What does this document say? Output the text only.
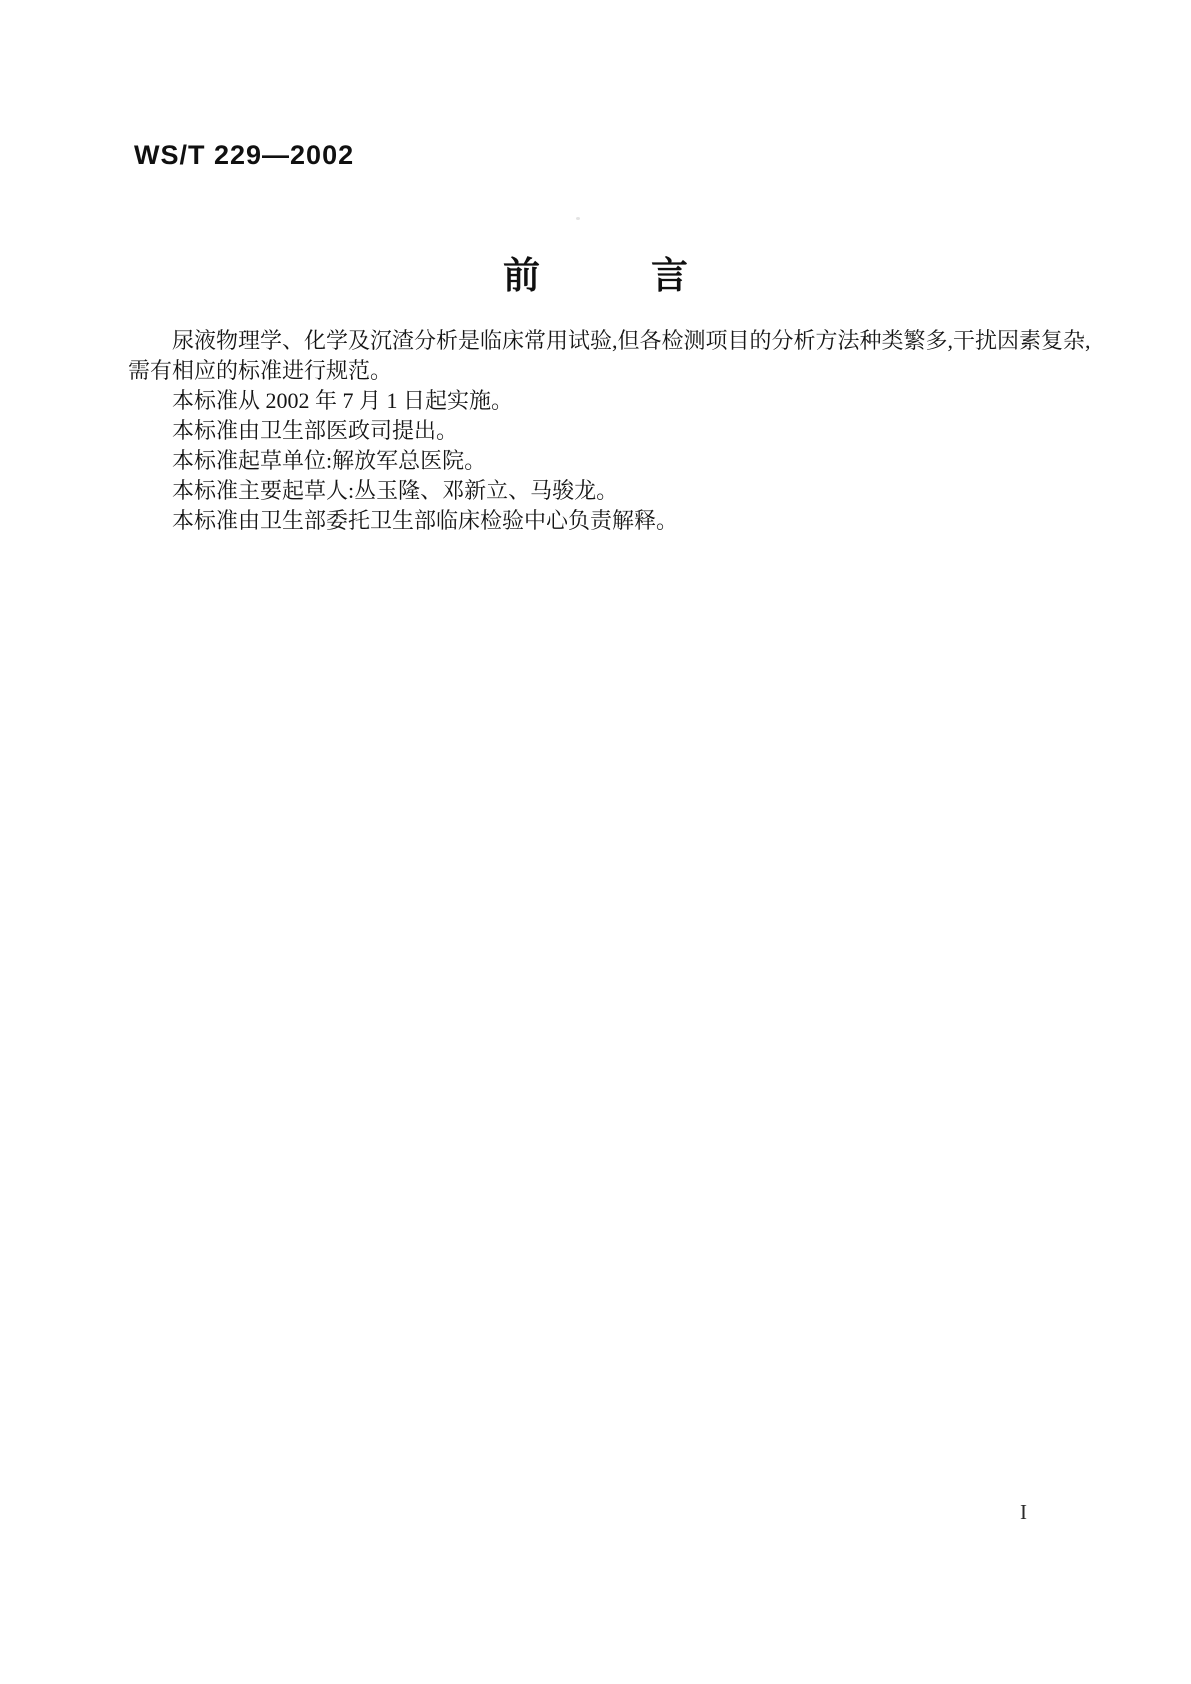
WS/T 229—2002
前　　　言

尿液物理学、化学及沉渣分析是临床常用试验,但各检测项目的分析方法种类繁多,干扰因素复杂,

需有相应的标准进行规范。

本标准从 2002 年 7 月 1 日起实施。

本标准由卫生部医政司提出。

本标准起草单位:解放军总医院。

本标准主要起草人:丛玉隆、邓新立、马骏龙。

本标准由卫生部委托卫生部临床检验中心负责解释。

I
